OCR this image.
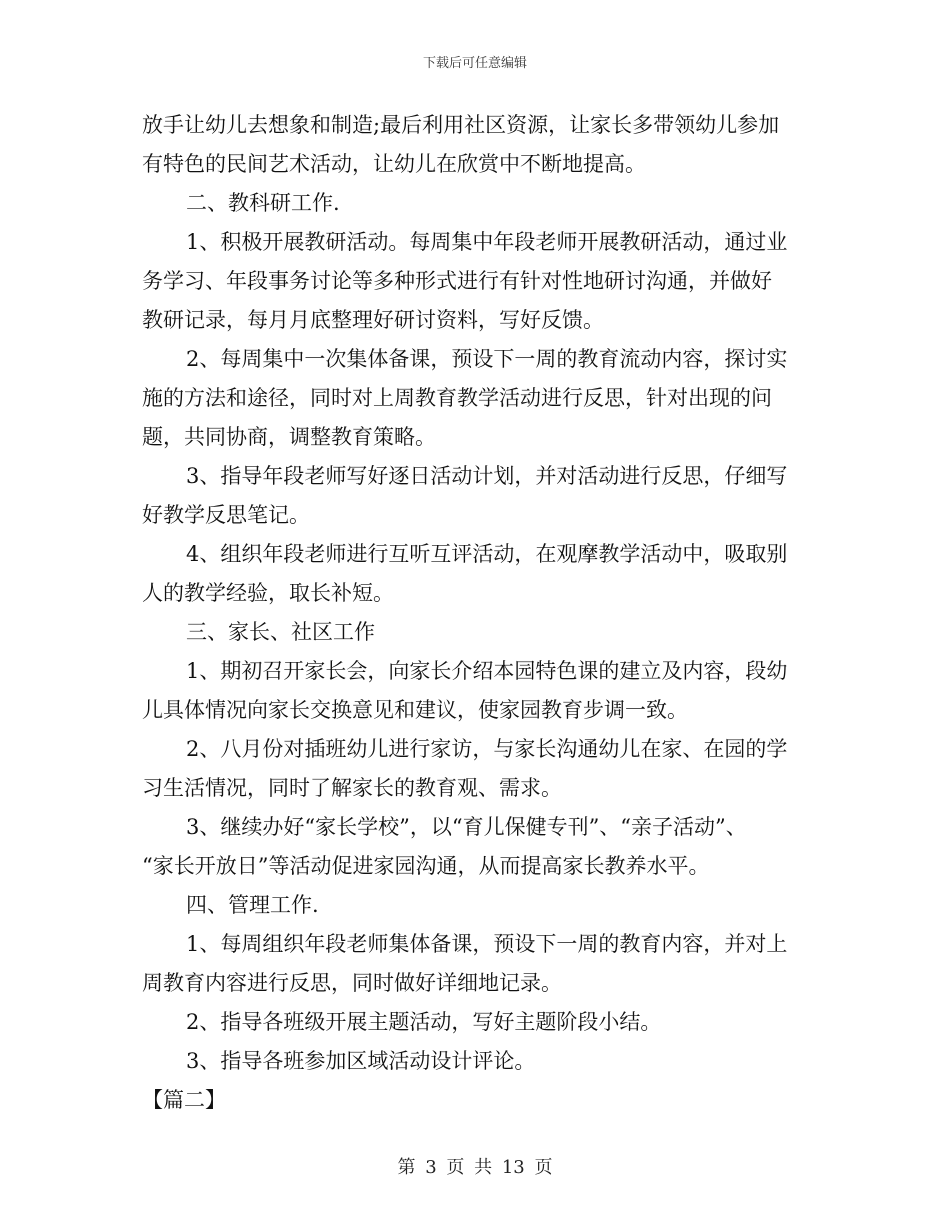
下载后可任意编辑

放手让幼儿去想象和制造;最后利用社区资源，让家长多带领幼儿参加

有特色的民间艺术活动，让幼儿在欣赏中不断地提高。

二、教科研工作.

1、积极开展教研活动。每周集中年段老师开展教研活动，通过业

务学习、年段事务讨论等多种形式进行有针对性地研讨沟通，并做好

教研记录，每月月底整理好研讨资料，写好反馈。

2、每周集中一次集体备课，预设下一周的教育流动内容，探讨实

施的方法和途径，同时对上周教育教学活动进行反思，针对出现的问

题，共同协商，调整教育策略。

3、指导年段老师写好逐日活动计划，并对活动进行反思，仔细写

好教学反思笔记。

4、组织年段老师进行互听互评活动，在观摩教学活动中，吸取别

人的教学经验，取长补短。

三、家长、社区工作

1、期初召开家长会，向家长介绍本园特色课的建立及内容，段幼

儿具体情况向家长交换意见和建议，使家园教育步调一致。

2、八月份对插班幼儿进行家访，与家长沟通幼儿在家、在园的学

习生活情况，同时了解家长的教育观、需求。

3、继续办好“家长学校”，以“育儿保健专刊”、“亲子活动”、

“家长开放日”等活动促进家园沟通，从而提高家长教养水平。

四、管理工作.

1、每周组织年段老师集体备课，预设下一周的教育内容，并对上

周教育内容进行反思，同时做好详细地记录。

2、指导各班级开展主题活动，写好主题阶段小结。

3、指导各班参加区域活动设计评论。

【篇二】

第 3 页 共 13 页
